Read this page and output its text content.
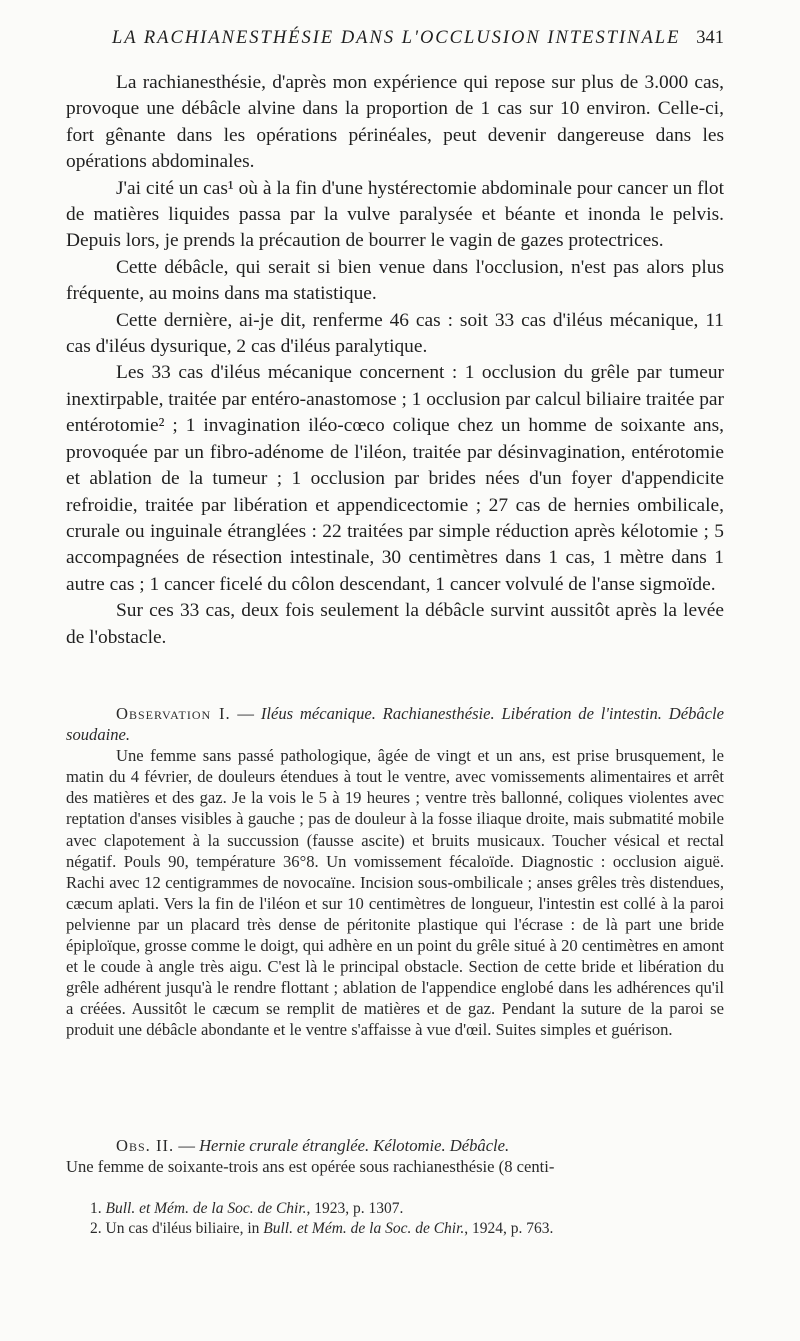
LA RACHIANESTHÉSIE DANS L'OCCLUSION INTESTINALE 341

La rachianesthésie, d'après mon expérience qui repose sur plus de 3.000 cas, provoque une débâcle alvine dans la proportion de 1 cas sur 10 environ. Celle-ci, fort gênante dans les opérations périnéales, peut devenir dangereuse dans les opérations abdominales.

J'ai cité un cas¹ où à la fin d'une hystérectomie abdominale pour cancer un flot de matières liquides passa par la vulve paralysée et béante et inonda le pelvis. Depuis lors, je prends la précaution de bourrer le vagin de gazes protectrices.

Cette débâcle, qui serait si bien venue dans l'occlusion, n'est pas alors plus fréquente, au moins dans ma statistique.

Cette dernière, ai-je dit, renferme 46 cas : soit 33 cas d'iléus mécanique, 11 cas d'iléus dysurique, 2 cas d'iléus paralytique.

Les 33 cas d'iléus mécanique concernent : 1 occlusion du grêle par tumeur inextirpable, traitée par entéro-anastomose ; 1 occlusion par calcul biliaire traitée par entérotomie² ; 1 invagination iléo-cœco colique chez un homme de soixante ans, provoquée par un fibro-adénome de l'iléon, traitée par désinvagination, entérotomie et ablation de la tumeur ; 1 occlusion par brides nées d'un foyer d'appendicite refroidie, traitée par libération et appendicectomie ; 27 cas de hernies ombilicale, crurale ou inguinale étranglées : 22 traitées par simple réduction après kélotomie ; 5 accompagnées de résection intestinale, 30 centimètres dans 1 cas, 1 mètre dans 1 autre cas ; 1 cancer ficelé du côlon descendant, 1 cancer volvulé de l'anse sigmoïde.

Sur ces 33 cas, deux fois seulement la débâcle survint aussitôt après la levée de l'obstacle.

Observation I. — Iléus mécanique. Rachianesthésie. Libération de l'intestin. Débâcle soudaine.

Une femme sans passé pathologique, âgée de vingt et un ans, est prise brusquement, le matin du 4 février, de douleurs étendues à tout le ventre, avec vomissements alimentaires et arrêt des matières et des gaz. Je la vois le 5 à 19 heures ; ventre très ballonné, coliques violentes avec reptation d'anses visibles à gauche ; pas de douleur à la fosse iliaque droite, mais submatité mobile avec clapotement à la succussion (fausse ascite) et bruits musicaux. Toucher vésical et rectal négatif. Pouls 90, température 36°8. Un vomissement fécaloïde. Diagnostic : occlusion aiguë. Rachi avec 12 centigrammes de novocaïne. Incision sous-ombilicale ; anses grêles très distendues, cæcum aplati. Vers la fin de l'iléon et sur 10 centimètres de longueur, l'intestin est collé à la paroi pelvienne par un placard très dense de péritonite plastique qui l'écrase : de là part une bride épiploïque, grosse comme le doigt, qui adhère en un point du grêle situé à 20 centimètres en amont et le coude à angle très aigu. C'est là le principal obstacle. Section de cette bride et libération du grêle adhérent jusqu'à le rendre flottant ; ablation de l'appendice englobé dans les adhérences qu'il a créées. Aussitôt le cæcum se remplit de matières et de gaz. Pendant la suture de la paroi se produit une débâcle abondante et le ventre s'affaisse à vue d'œil. Suites simples et guérison.

Obs. II. — Hernie crurale étranglée. Kélotomie. Débâcle.

Une femme de soixante-trois ans est opérée sous rachianesthésie (8 centi-

1. Bull. et Mém. de la Soc. de Chir., 1923, p. 1307.
2. Un cas d'iléus biliaire, in Bull. et Mém. de la Soc. de Chir., 1924, p. 763.
